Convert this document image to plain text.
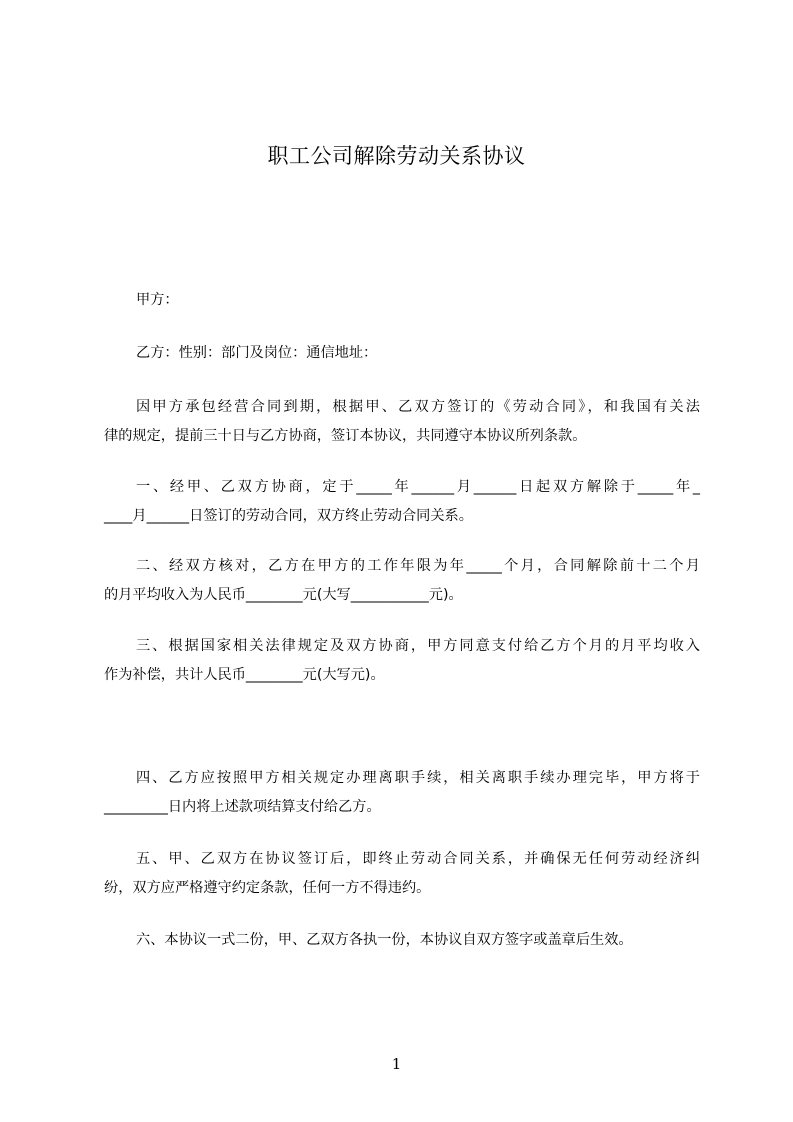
职工公司解除劳动关系协议

甲方：

乙方：性别：部门及岗位：通信地址：

因甲方承包经营合同到期，根据甲、乙双方签订的《劳动合同》，和我国有关法
律的规定，提前三十日与乙方协商，签订本协议，共同遵守本协议所列条款。

一、经甲、乙双方协商，定于_____年______月______日起双方解除于_____年_
____月______日签订的劳动合同，双方终止劳动合同关系。

二、经双方核对，乙方在甲方的工作年限为年_____个月，合同解除前十二个月
的月平均收入为人民币________元(大写___________元)。

三、根据国家相关法律规定及双方协商，甲方同意支付给乙方个月的月平均收入
作为补偿，共计人民币________元(大写元)。

四、乙方应按照甲方相关规定办理离职手续，相关离职手续办理完毕，甲方将于
_________日内将上述款项结算支付给乙方。

五、甲、乙双方在协议签订后，即终止劳动合同关系，并确保无任何劳动经济纠
纷，双方应严格遵守约定条款，任何一方不得违约。

六、本协议一式二份，甲、乙双方各执一份，本协议自双方签字或盖章后生效。

1
